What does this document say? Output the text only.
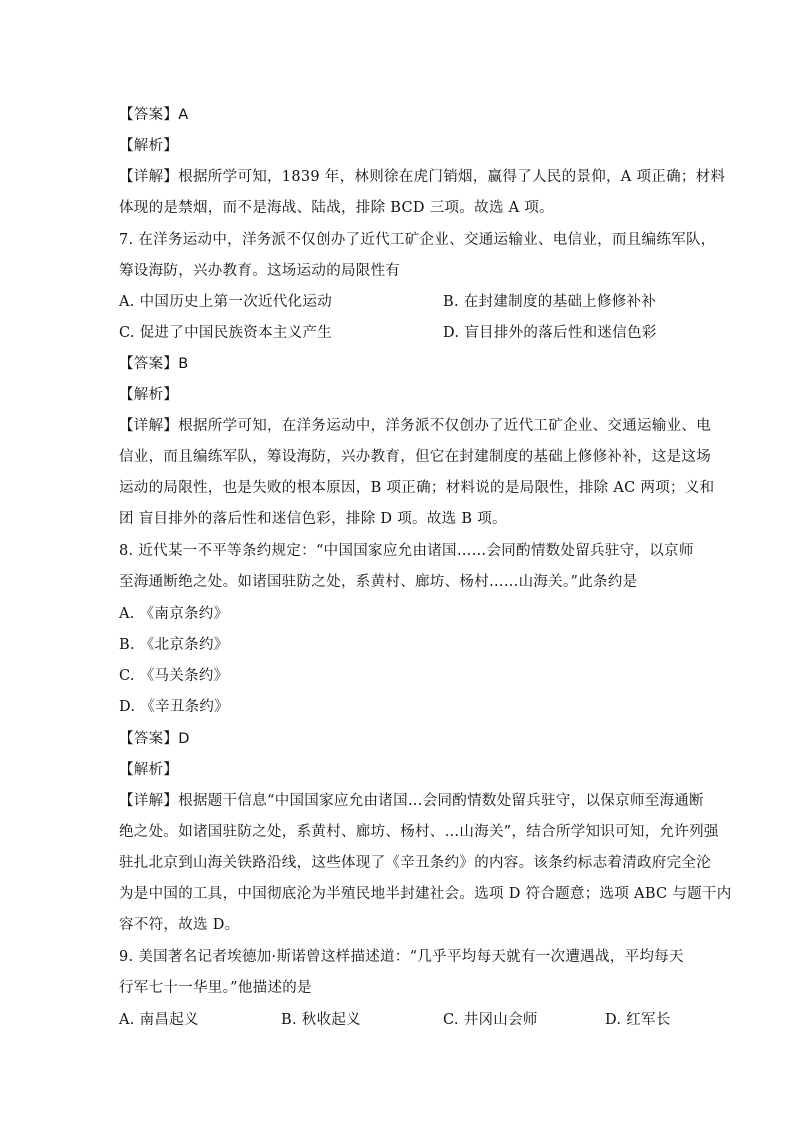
【答案】A
【解析】
【详解】根据所学可知，1839 年，林则徐在虎门销烟，赢得了人民的景仰，A 项正确；材料
体现的是禁烟，而不是海战、陆战，排除 BCD 三项。故选 A 项。
7. 在洋务运动中，洋务派不仅创办了近代工矿企业、交通运输业、电信业，而且编练军队，
筹设海防，兴办教育。这场运动的局限性有
A. 中国历史上第一次近代化运动	B. 在封建制度的基础上修修补补
C. 促进了中国民族资本主义产生	D. 盲目排外的落后性和迷信色彩
【答案】B
【解析】
【详解】根据所学可知，在洋务运动中，洋务派不仅创办了近代工矿企业、交通运输业、电
信业，而且编练军队，筹设海防，兴办教育，但它在封建制度的基础上修修补补，这是这场
运动的局限性，也是失败的根本原因，B 项正确；材料说的是局限性，排除 AC 两项；义和
团 盲目排外的落后性和迷信色彩，排除 D 项。故选 B 项。
8. 近代某一不平等条约规定：“中国国家应允由诸国……会同酌情数处留兵驻守，以京师
至海通断绝之处。如诸国驻防之处，系黄村、廊坊、杨村……山海关。”此条约是
A. 《南京条约》
B. 《北京条约》
C. 《马关条约》
D. 《辛丑条约》
【答案】D
【解析】
【详解】根据题干信息“中国国家应允由诸国…会同酌情数处留兵驻守，以保京师至海通断
绝之处。如诸国驻防之处，系黄村、廊坊、杨村、…山海关”，结合所学知识可知，允许列强
驻扎北京到山海关铁路沿线，这些体现了《辛丑条约》的内容。该条约标志着清政府完全沦
为是中国的工具，中国彻底沦为半殖民地半封建社会。选项 D 符合题意；选项 ABC 与题干内
容不符，故选 D。
9. 美国著名记者埃德加·斯诺曾这样描述道：“几乎平均每天就有一次遭遇战，平均每天
行军七十一华里。”他描述的是
A. 南昌起义	B. 秋收起义	C. 井冈山会师	D. 红军长
